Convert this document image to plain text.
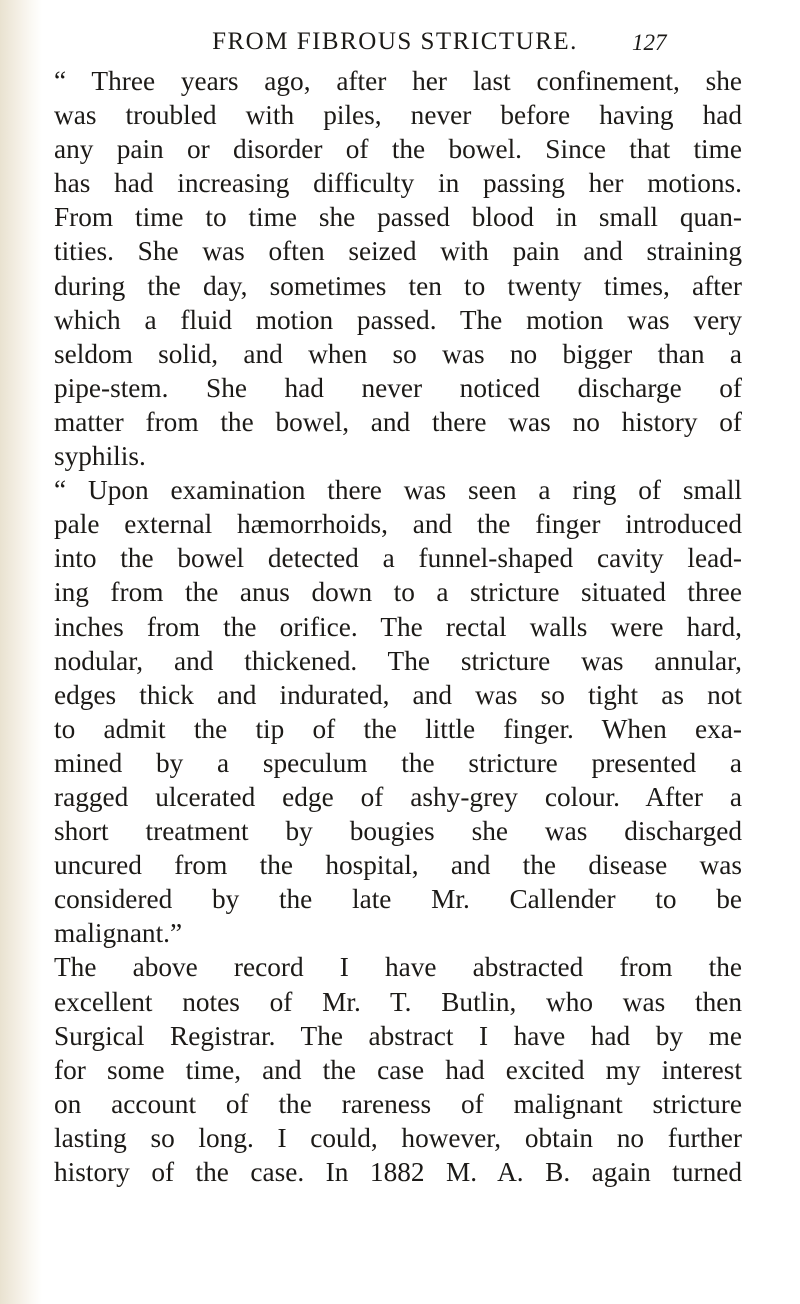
FROM FIBROUS STRICTURE.	127
“ Three years ago, after her last confinement, she
was troubled with piles, never before having had
any pain or disorder of the bowel. Since that time
has had increasing difficulty in passing her motions.
From time to time she passed blood in small quan-
tities. She was often seized with pain and straining
during the day, sometimes ten to twenty times, after
which a fluid motion passed. The motion was very
seldom solid, and when so was no bigger than a
pipe-stem. She had never noticed discharge of
matter from the bowel, and there was no history of
syphilis.
“ Upon examination there was seen a ring of small
pale external hæmorrhoids, and the finger introduced
into the bowel detected a funnel-shaped cavity lead-
ing from the anus down to a stricture situated three
inches from the orifice. The rectal walls were hard,
nodular, and thickened. The stricture was annular,
edges thick and indurated, and was so tight as not
to admit the tip of the little finger. When exa-
mined by a speculum the stricture presented a
ragged ulcerated edge of ashy-grey colour. After a
short treatment by bougies she was discharged
uncured from the hospital, and the disease was
considered by the late Mr. Callender to be
malignant.”
The above record I have abstracted from the
excellent notes of Mr. T. Butlin, who was then
Surgical Registrar. The abstract I have had by me
for some time, and the case had excited my interest
on account of the rareness of malignant stricture
lasting so long. I could, however, obtain no further
history of the case. In 1882 M. A. B. again turned
